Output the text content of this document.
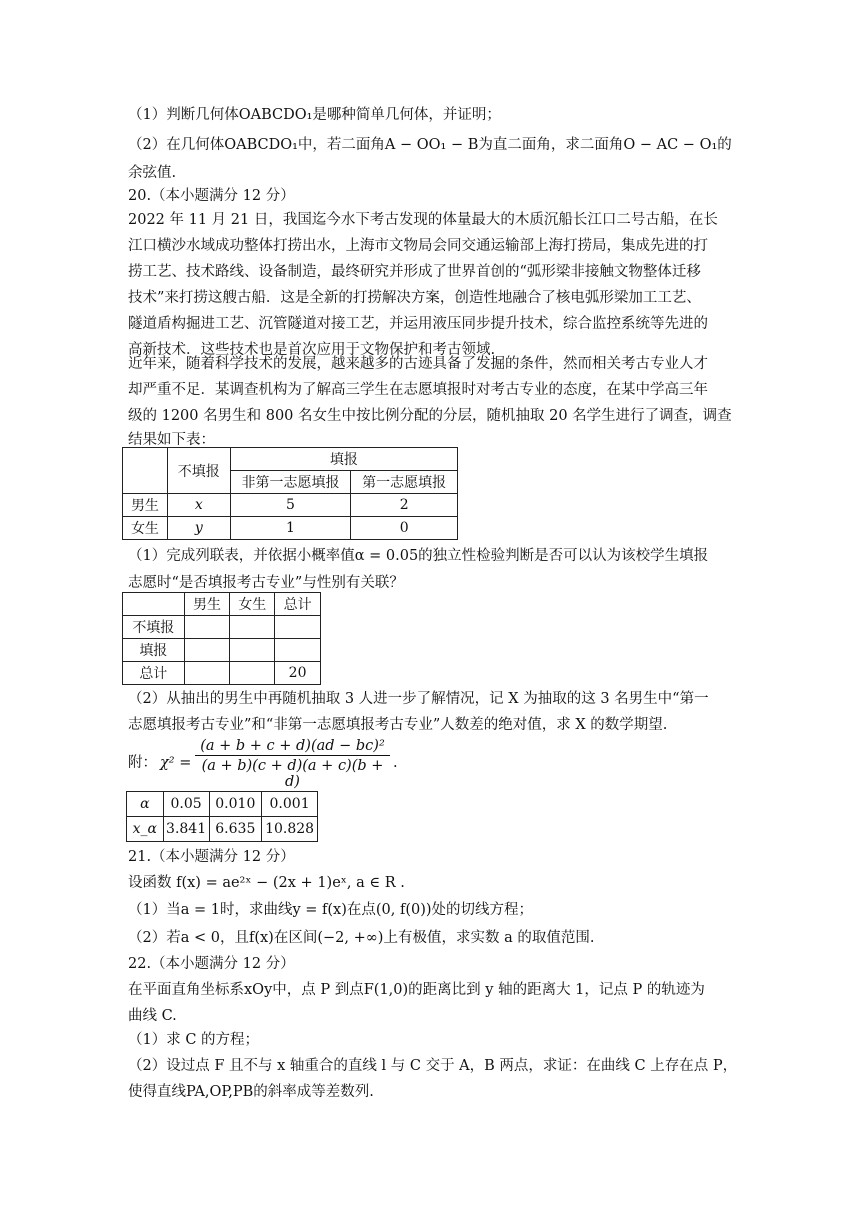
（1）判断几何体OABCDO₁是哪种简单几何体，并证明；
（2）在几何体OABCDO₁中，若二面角A − OO₁ − B为直二面角，求二面角O − AC − O₁的
余弦值.
20.（本小题满分 12 分）
2022 年 11 月 21 日，我国迄今水下考古发现的体量最大的木质沉船长江口二号古船，在长
江口横沙水域成功整体打捞出水，上海市文物局会同交通运输部上海打捞局，集成先进的打
捞工艺、技术路线、设备制造，最终研究并形成了世界首创的“弧形梁非接触文物整体迁移
技术”来打捞这艘古船．这是全新的打捞解决方案，创造性地融合了核电弧形梁加工工艺、
隧道盾构掘进工艺、沉管隧道对接工艺，并运用液压同步提升技术，综合监控系统等先进的
高新技术．这些技术也是首次应用于文物保护和考古领域.
近年来，随着科学技术的发展，越来越多的古迹具备了发掘的条件，然而相关考古专业人才
却严重不足．某调查机构为了解高三学生在志愿填报时对考古专业的态度，在某中学高三年
级的 1200 名男生和 800 名女生中按比例分配的分层，随机抽取 20 名学生进行了调查，调查
结果如下表：
	不填报	填报	
		非第一志愿填报	第一志愿填报
男生	x	5	2
女生	y	1	0
（1）完成列联表，并依据小概率值α = 0.05的独立性检验判断是否可以认为该校学生填报
志愿时“是否填报考古专业”与性别有关联？
	男生	女生	总计
不填报			
填报			
总计			20
（2）从抽出的男生中再随机抽取 3 人进一步了解情况，记 X 为抽取的这 3 名男生中“第一
志愿填报考古专业”和“非第一志愿填报考古专业”人数差的绝对值，求 X 的数学期望.
附： $\chi^2 = \frac{\text{(a + b + c + d)(ad − bc)²}}{(a + b)(c + d)(a + c)(b + d)}$ .
α	0.05	0.010	0.001
x_α	3.841	6.635	10.828
21.（本小题满分 12 分）
设函数 f(x) = ae²ˣ − (2x + 1)eˣ, a ∈ R .
（1）当a = 1时，求曲线y = f(x)在点(0, f(0))处的切线方程；
（2）若a < 0，且f(x)在区间(−2, +∞)上有极值，求实数 a 的取值范围.
22.（本小题满分 12 分）
在平面直角坐标系xOy中，点 P 到点F(1,0)的距离比到 y 轴的距离大 1，记点 P 的轨迹为
曲线 C.
（1）求 C 的方程；
（2）设过点 F 且不与 x 轴重合的直线 l 与 C 交于 A，B 两点，求证：在曲线 C 上存在点 P，
使得直线PA,OP,PB的斜率成等差数列.
